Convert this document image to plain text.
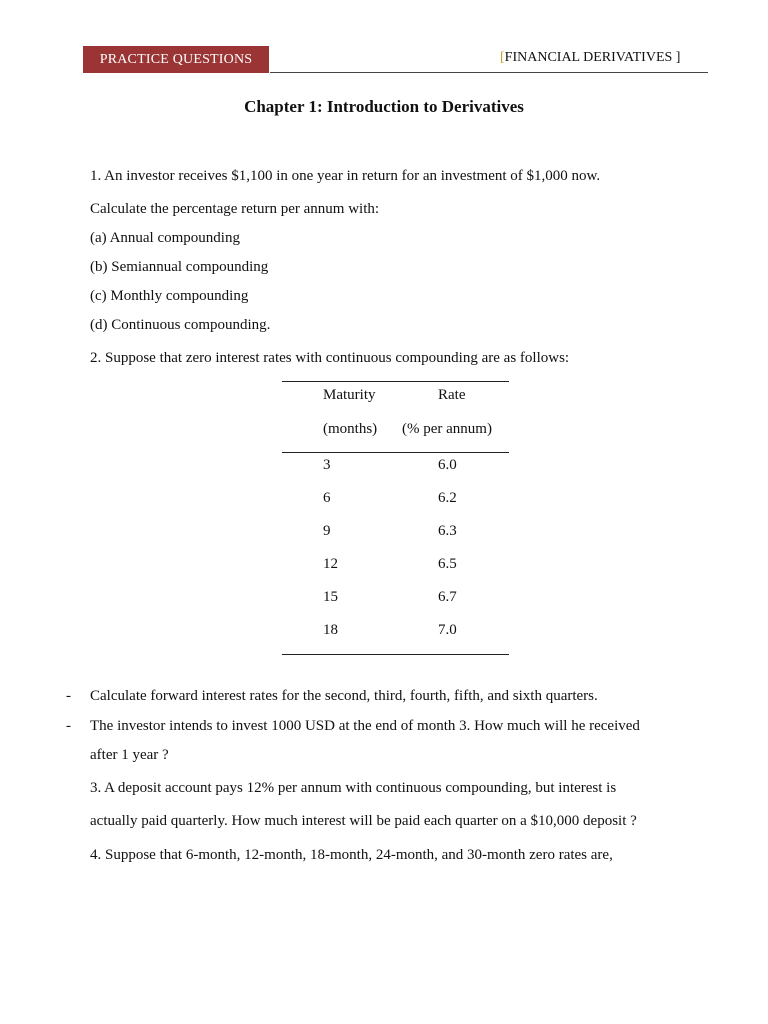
PRACTICE QUESTIONS	[FINANCIAL DERIVATIVES ]
Chapter 1: Introduction to Derivatives
1. An investor receives $1,100 in one year in return for an investment of $1,000 now.
Calculate the percentage return per annum with:
(a) Annual compounding
(b) Semiannual compounding
(c) Monthly compounding
(d) Continuous compounding.
2. Suppose that zero interest rates with continuous compounding are as follows:
Maturity	Rate
(months) (% per annum)
3	6.0
6	6.2
9	6.3
12	6.5
15	6.7
18	7.0
- Calculate forward interest rates for the second, third, fourth, fifth, and sixth quarters.
- The investor intends to invest 1000 USD at the end of month 3. How much will he received
after 1 year ?
3. A deposit account pays 12% per annum with continuous compounding, but interest is
actually paid quarterly. How much interest will be paid each quarter on a $10,000 deposit ?
4. Suppose that 6-month, 12-month, 18-month, 24-month, and 30-month zero rates are,
